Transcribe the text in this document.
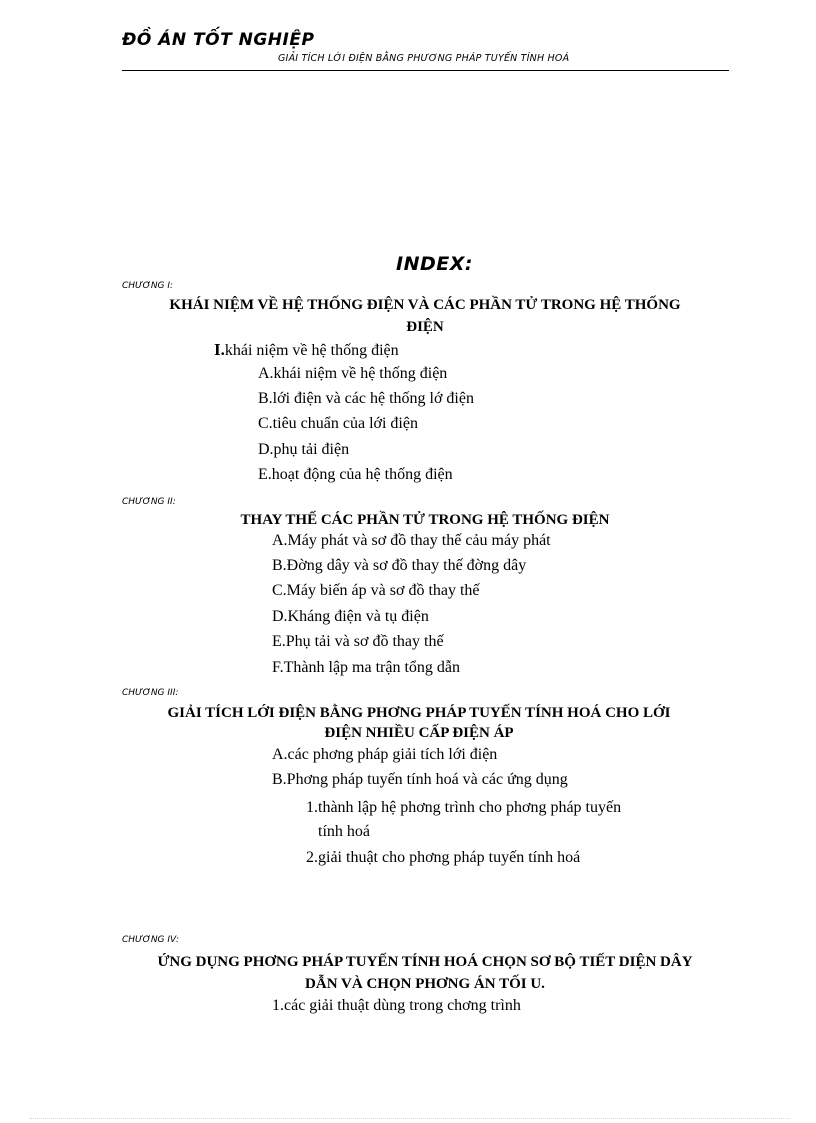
ĐỒ ÁN TỐT NGHIỆP
GIẢI TÍCH LỚI ĐIỆN BẰNG PHƯƠNG PHÁP TUYẾN TÍNH HOÁ
INDEX:
CHƯƠNG I:
KHÁI NIỆM VỀ HỆ THỐNG ĐIỆN VÀ CÁC PHẦN TỬ TRONG HỆ THỐNG
ĐIỆN
I.khái niệm về hệ thống điện
A.khái niệm về hệ thống điện
B.lới điện và các hệ thống lớ điện
C.tiêu chuẩn của lới điện
D.phụ tải điện
E.hoạt động của hệ thống điện
CHƯƠNG II:
THAY THẾ CÁC PHẦN TỬ TRONG HỆ THỐNG ĐIỆN
A.Máy phát và sơ đồ thay thế cảu máy phát
B.Đờng dây và sơ đồ thay thế đờng dây
C.Máy biến áp và sơ đồ thay thế
D.Kháng điện và tụ điện
E.Phụ tải và sơ đồ thay thế
F.Thành lập ma trận tổng dẫn
CHƯƠNG III:
GIẢI TÍCH LỚI ĐIỆN BẰNG PHƠNG PHÁP TUYẾN TÍNH HOÁ CHO LỚI
ĐIỆN NHIỀU CẤP ĐIỆN ÁP
A.các phơng pháp giải tích lới điện
B.Phơng pháp tuyến tính hoá và các ứng dụng
1.thành lập hệ phơng trình cho phơng pháp tuyến
tính hoá
2.giải thuật cho phơng pháp tuyến tính hoá
CHƯƠNG IV:
ỨNG DỤNG PHƠNG PHÁP TUYẾN TÍNH HOÁ CHỌN SƠ BỘ TIẾT DIỆN DÂY
DẪN VÀ CHỌN PHƠNG ÁN TỐI U.
1.các giải thuật dùng trong chơng trình
